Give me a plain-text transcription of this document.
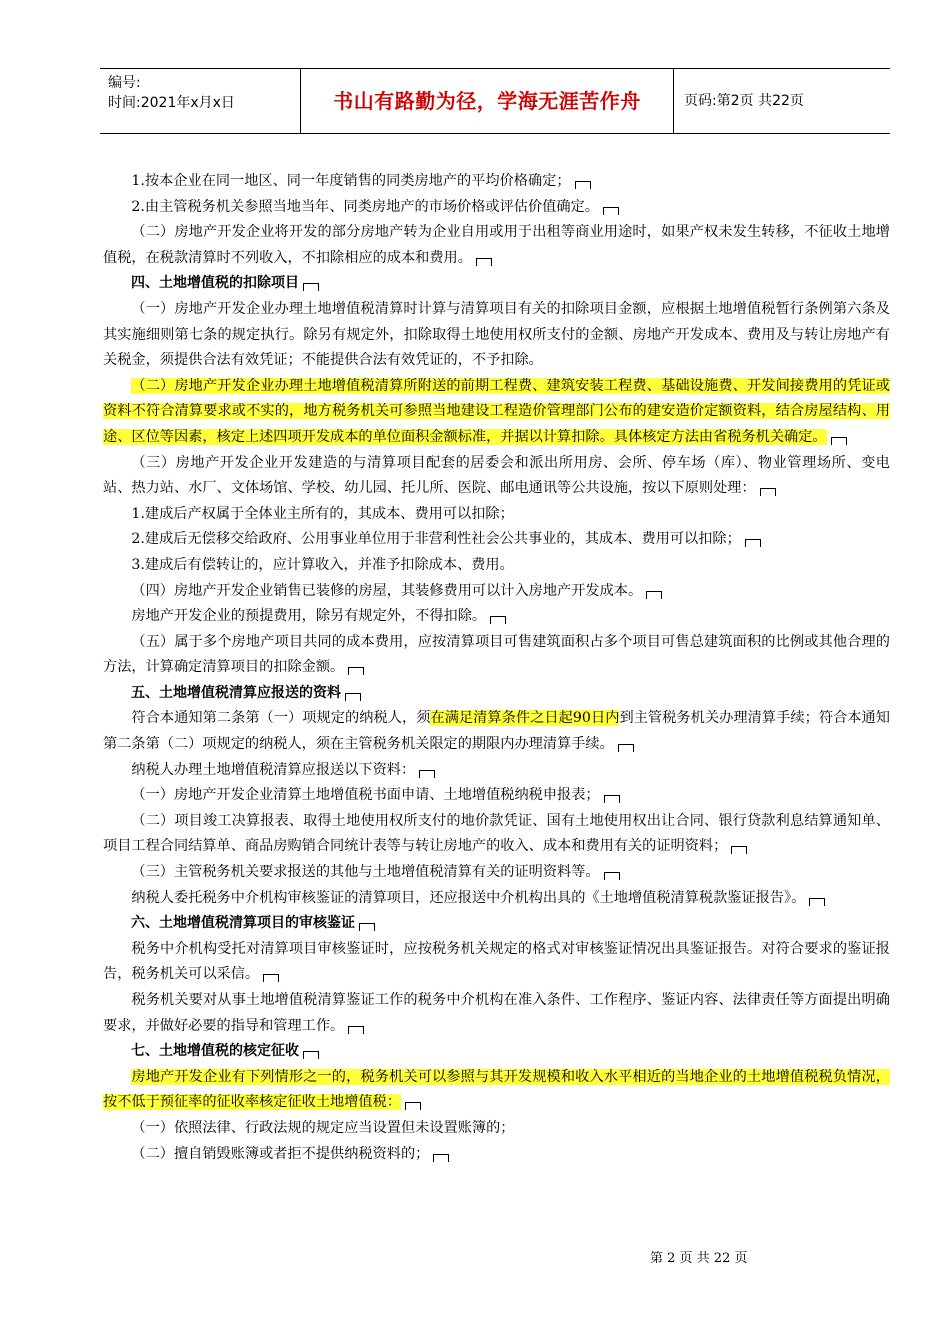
编号:
时间:2021年x月x日	书山有路勤为径，学海无涯苦作舟	页码:第2页 共22页

1.按本企业在同一地区、同一年度销售的同类房地产的平均价格确定；

2.由主管税务机关参照当地当年、同类房地产的市场价格或评估价值确定。

（二）房地产开发企业将开发的部分房地产转为企业自用或用于出租等商业用途时，如果产权未发生转移，不征收土地增值税，在税款清算时不列收入，不扣除相应的成本和费用。

四、土地增值税的扣除项目

（一）房地产开发企业办理土地增值税清算时计算与清算项目有关的扣除项目金额，应根据土地增值税暂行条例第六条及其实施细则第七条的规定执行。除另有规定外，扣除取得土地使用权所支付的金额、房地产开发成本、费用及与转让房地产有关税金，须提供合法有效凭证；不能提供合法有效凭证的，不予扣除。

（二）房地产开发企业办理土地增值税清算所附送的前期工程费、建筑安装工程费、基础设施费、开发间接费用的凭证或资料不符合清算要求或不实的，地方税务机关可参照当地建设工程造价管理部门公布的建安造价定额资料，结合房屋结构、用途、区位等因素，核定上述四项开发成本的单位面积金额标准，并据以计算扣除。具体核定方法由省税务机关确定。

（三）房地产开发企业开发建造的与清算项目配套的居委会和派出所用房、会所、停车场（库）、物业管理场所、变电站、热力站、水厂、文体场馆、学校、幼儿园、托儿所、医院、邮电通讯等公共设施，按以下原则处理：

1.建成后产权属于全体业主所有的，其成本、费用可以扣除；

2.建成后无偿移交给政府、公用事业单位用于非营利性社会公共事业的，其成本、费用可以扣除；

3.建成后有偿转让的，应计算收入，并准予扣除成本、费用。

（四）房地产开发企业销售已装修的房屋，其装修费用可以计入房地产开发成本。

房地产开发企业的预提费用，除另有规定外，不得扣除。

（五）属于多个房地产项目共同的成本费用，应按清算项目可售建筑面积占多个项目可售总建筑面积的比例或其他合理的方法，计算确定清算项目的扣除金额。

五、土地增值税清算应报送的资料

符合本通知第二条第（一）项规定的纳税人，须在满足清算条件之日起90日内到主管税务机关办理清算手续；符合本通知第二条第（二）项规定的纳税人，须在主管税务机关限定的期限内办理清算手续。

纳税人办理土地增值税清算应报送以下资料：

（一）房地产开发企业清算土地增值税书面申请、土地增值税纳税申报表；

（二）项目竣工决算报表、取得土地使用权所支付的地价款凭证、国有土地使用权出让合同、银行贷款利息结算通知单、项目工程合同结算单、商品房购销合同统计表等与转让房地产的收入、成本和费用有关的证明资料；

（三）主管税务机关要求报送的其他与土地增值税清算有关的证明资料等。

纳税人委托税务中介机构审核鉴证的清算项目，还应报送中介机构出具的《土地增值税清算税款鉴证报告》。

六、土地增值税清算项目的审核鉴证

税务中介机构受托对清算项目审核鉴证时，应按税务机关规定的格式对审核鉴证情况出具鉴证报告。对符合要求的鉴证报告，税务机关可以采信。

税务机关要对从事土地增值税清算鉴证工作的税务中介机构在准入条件、工作程序、鉴证内容、法律责任等方面提出明确要求，并做好必要的指导和管理工作。

七、土地增值税的核定征收

房地产开发企业有下列情形之一的，税务机关可以参照与其开发规模和收入水平相近的当地企业的土地增值税税负情况，按不低于预征率的征收率核定征收土地增值税：

（一）依照法律、行政法规的规定应当设置但未设置账簿的；

（二）擅自销毁账簿或者拒不提供纳税资料的；

第 2 页 共 22 页
